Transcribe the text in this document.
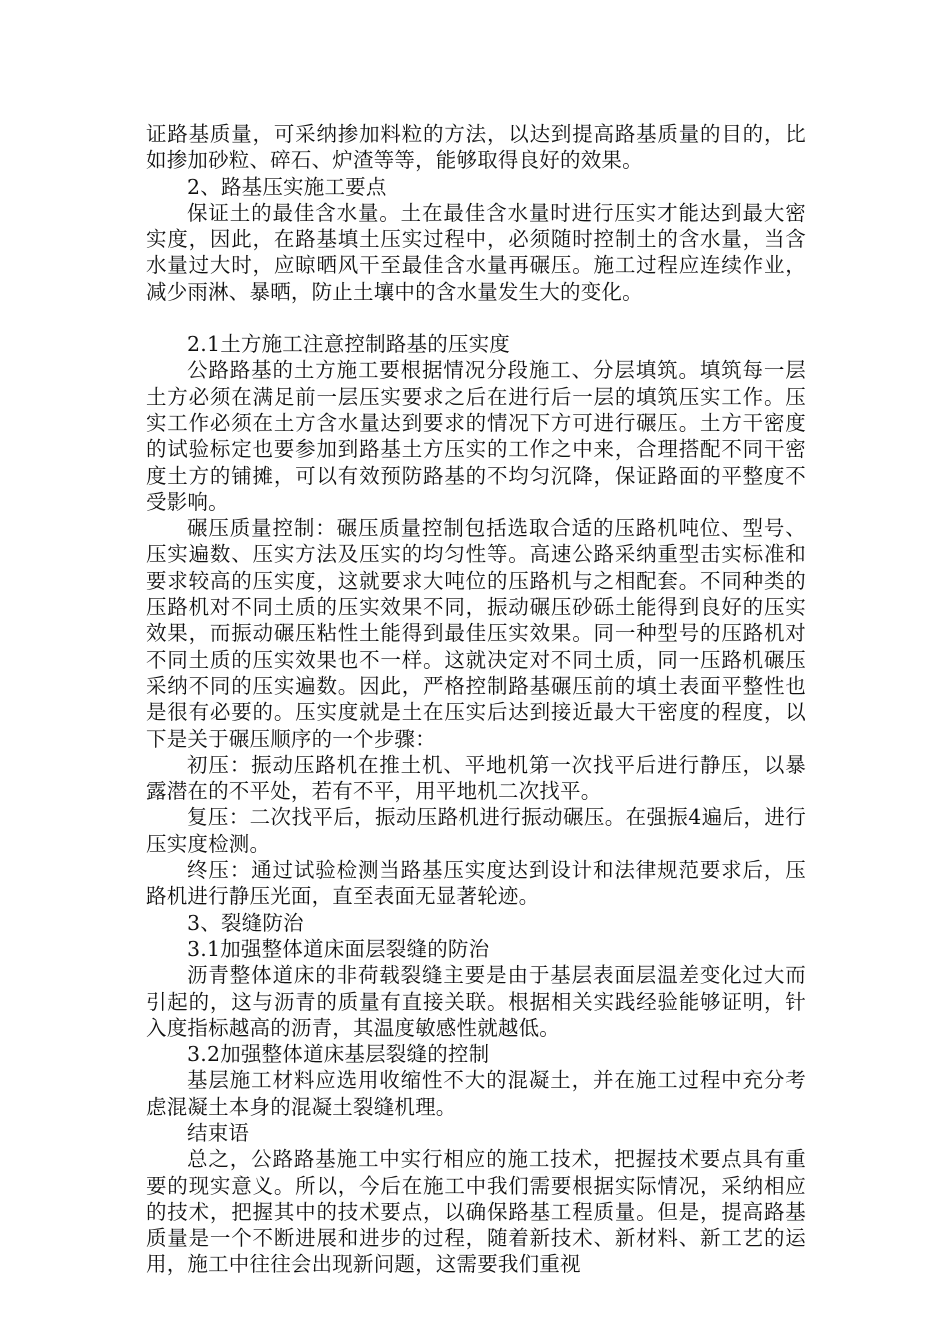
证路基质量，可采纳掺加料粒的方法，以达到提高路基质量的目的，比如掺加砂粒、碎石、炉渣等等，能够取得良好的效果。

2、路基压实施工要点

保证土的最佳含水量。土在最佳含水量时进行压实才能达到最大密实度，因此，在路基填土压实过程中，必须随时控制土的含水量，当含水量过大时，应晾晒风干至最佳含水量再碾压。施工过程应连续作业，减少雨淋、暴晒，防止土壤中的含水量发生大的变化。

2.1土方施工注意控制路基的压实度

公路路基的土方施工要根据情况分段施工、分层填筑。填筑每一层土方必须在满足前一层压实要求之后在进行后一层的填筑压实工作。压实工作必须在土方含水量达到要求的情况下方可进行碾压。土方干密度的试验标定也要参加到路基土方压实的工作之中来，合理搭配不同干密度土方的铺摊，可以有效预防路基的不均匀沉降，保证路面的平整度不受影响。

碾压质量控制：碾压质量控制包括选取合适的压路机吨位、型号、压实遍数、压实方法及压实的均匀性等。高速公路采纳重型击实标准和要求较高的压实度，这就要求大吨位的压路机与之相配套。不同种类的压路机对不同土质的压实效果不同，振动碾压砂砾土能得到良好的压实效果，而振动碾压粘性土能得到最佳压实效果。同一种型号的压路机对不同土质的压实效果也不一样。这就决定对不同土质，同一压路机碾压采纳不同的压实遍数。因此，严格控制路基碾压前的填土表面平整性也是很有必要的。压实度就是土在压实后达到接近最大干密度的程度，以下是关于碾压顺序的一个步骤：

初压：振动压路机在推土机、平地机第一次找平后进行静压，以暴露潜在的不平处，若有不平，用平地机二次找平。

复压：二次找平后，振动压路机进行振动碾压。在强振4遍后，进行压实度检测。

终压：通过试验检测当路基压实度达到设计和法律规范要求后，压路机进行静压光面，直至表面无显著轮迹。

3、裂缝防治

3.1加强整体道床面层裂缝的防治

沥青整体道床的非荷载裂缝主要是由于基层表面层温差变化过大而引起的，这与沥青的质量有直接关联。根据相关实践经验能够证明，针入度指标越高的沥青，其温度敏感性就越低。

3.2加强整体道床基层裂缝的控制

基层施工材料应选用收缩性不大的混凝土，并在施工过程中充分考虑混凝土本身的混凝土裂缝机理。

结束语

总之，公路路基施工中实行相应的施工技术，把握技术要点具有重要的现实意义。所以，今后在施工中我们需要根据实际情况，采纳相应的技术，把握其中的技术要点，以确保路基工程质量。但是，提高路基质量是一个不断进展和进步的过程，随着新技术、新材料、新工艺的运用，施工中往往会出现新问题，这需要我们重视
